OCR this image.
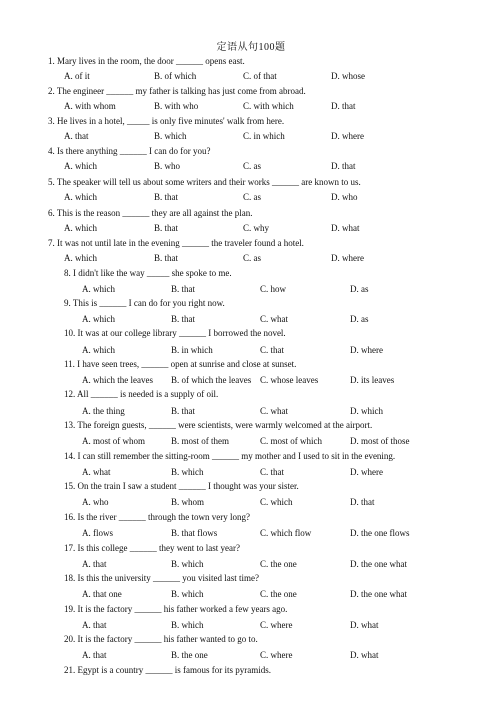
定语从句100题
1. Mary lives in the room, the door ______ opens east.
A. of it	B. of which	C. of that	D. whose
2. The engineer ______ my father is talking has just come from abroad.
A. with whom	B. with who	C. with which	D. that
3. He lives in a hotel, _____ is only five minutes' walk from here.
A. that	B. which	C. in which	D. where
4. Is there anything ______ I can do for you?
A. which	B. who	C. as	D. that
5. The speaker will tell us about some writers and their works ______ are known to us.
A. which	B. that	C. as	D. who
6. This is the reason ______ they are all against the plan.
A. which	B. that	C. why	D. what
7. It was not until late in the evening ______ the traveler found a hotel.
A. which	B. that	C. as	D. where
8. I didn't like the way _____ she spoke to me.
A. which	B. that	C. how	D. as
9. This is ______ I can do for you right now.
A. which	B. that	C. what	D. as
10. It was at our college library ______ I borrowed the novel.
A. which	B. in which	C. that	D. where
11. I have seen trees, ______ open at sunrise and close at sunset.
A. which the leaves B. of which the leaves C. whose leaves	D. its leaves
12. All ______ is needed is a supply of oil.
A. the thing	B. that	C. what	D. which
13. The foreign guests, ______ were scientists, were warmly welcomed at the airport.
A. most of whom	B. most of them	C. most of which	D. most of those
14. I can still remember the sitting-room ______ my mother and I used to sit in the evening.
A. what	B. which	C. that	D. where
15. On the train I saw a student ______ I thought was your sister.
A. who	B. whom	C. which	D. that
16. Is the river ______ through the town very long?
A. flows	B. that flows	C. which flow	D. the one flows
17. Is this college ______ they went to last year?
A. that	B. which	C. the one	D. the one what
18. Is this the university ______ you visited last time?
A. that one	B. which	C. the one	D. the one what
19. It is the factory ______ his father worked a few years ago.
A. that	B. which	C. where	D. what
20. It is the factory ______ his father wanted to go to.
A. that	B. the one	C. where	D. what
21. Egypt is a country ______ is famous for its pyramids.
